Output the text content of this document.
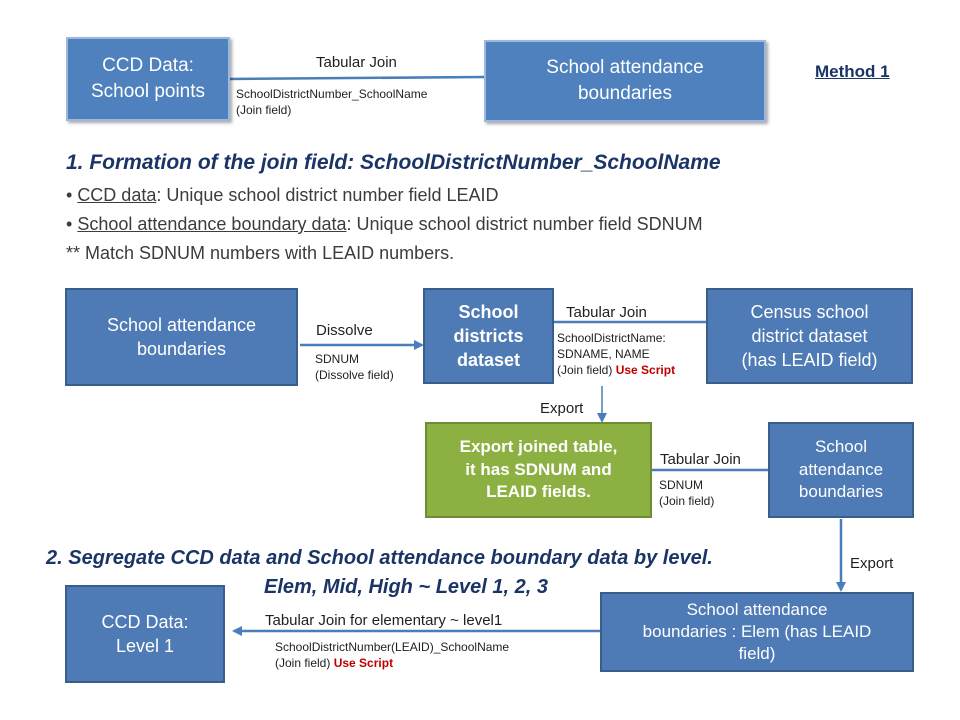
CCD Data:
School points
Tabular Join
SchoolDistrictNumber_SchoolName
(Join field)
School attendance
boundaries
Method 1
1. Formation of the join field: SchoolDistrictNumber_SchoolName
• CCD data: Unique school district number field LEAID
• School attendance boundary data: Unique school district number field SDNUM
** Match SDNUM numbers with LEAID numbers.
School attendance
boundaries
Dissolve
SDNUM
(Dissolve field)
School
districts
dataset
Tabular Join
SchoolDistrictName:
SDNAME, NAME
(Join field) Use Script
Census school
district dataset
(has LEAID field)
Export
Export joined table,
it has SDNUM and
LEAID fields.
Tabular Join
SDNUM
(Join field)
School
attendance
boundaries
2. Segregate CCD data and School attendance boundary data by level.
Elem, Mid, High ~ Level 1, 2, 3
Export
CCD Data:
Level 1
Tabular Join for elementary ~ level1
SchoolDistrictNumber(LEAID)_SchoolName
(Join field) Use Script
School attendance
boundaries : Elem (has LEAID
field)
